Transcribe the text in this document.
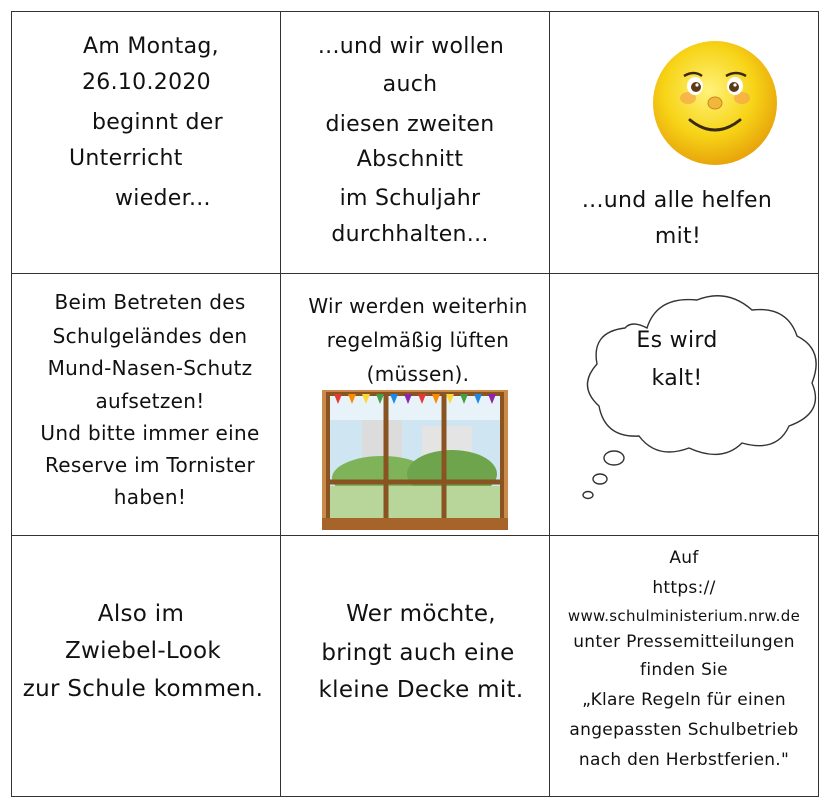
Am Montag,
26.10.2020
beginnt der
Unterricht
wieder...
...und wir wollen
auch
diesen zweiten
Abschnitt
im Schuljahr
durchhalten...
...und alle helfen
mit!
Beim Betreten des
Schulgeländes den
Mund-Nasen-Schutz
aufsetzen!
Und bitte immer eine
Reserve im Tornister
haben!
Wir werden weiterhin
regelmäßig lüften
(müssen).
Es wird
kalt!
Also im
Zwiebel-Look
zur Schule kommen.
Wer möchte,
bringt auch eine
kleine Decke mit.
Auf
https://
www.schulministerium.nrw.de
unter Pressemitteilungen
finden Sie
„Klare Regeln für einen
angepassten Schulbetrieb
nach den Herbstferien."
